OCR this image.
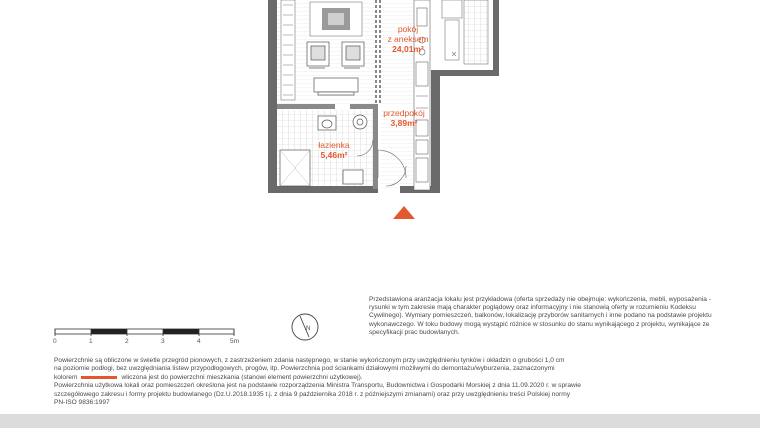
N
pokój
z aneksem
24,01m²
przedpokój
3,89m²
łazienka
5,46m²
Przedstawiona aranżacja lokalu jest przykładowa (oferta sprzedaży nie obejmuje: wykończenia, mebli, wyposażenia - rysunki w tym zakresie mają charakter poglądowy oraz informacyjny i nie stanowią oferty w rozumieniu Kodeksu Cywilnego). Wymiary pomieszczeń, balkonów, lokalizację przyborów sanitarnych i inne podano na podstawie projektu wykonawczego. W toku budowy mogą wystąpić różnice w stosunku do stanu wynikającego z projektu, wynikające ze specyfikacji prac budowlanych.
0	1	2	3	4	5m

Powierzchnie są obliczone w świetle przegród pionowych, z zastrzeżeniem zdania następnego, w stanie wykończonym przy uwzględnieniu tynków i okładzin o grubości 1,0 cm

na poziomie podłogi, bez uwzględniania listew przypodłogowych, progów, itp. Powierzchnia pod ściankami działowymi możliwymi do demontażu/wyburzenia, zaznaczonymi

kolorem	wliczona jest do powierzchni mieszkania (stanowi element powierzchni użytkowej).

Powierzchnia użytkowa lokali oraz pomieszczeń określona jest na podstawie rozporządzenia Ministra Transportu, Budownictwa i Gospodarki Morskiej z dnia 11.09.2020 r. w sprawie

szczegółowego zakresu i formy projektu budowlanego (Dz.U.2018.1935 t.j. z dnia 9 października 2018 r. z późniejszymi zmianami) oraz przy uwzględnieniu treści Polskiej normy

PN-ISO 9836:1997
